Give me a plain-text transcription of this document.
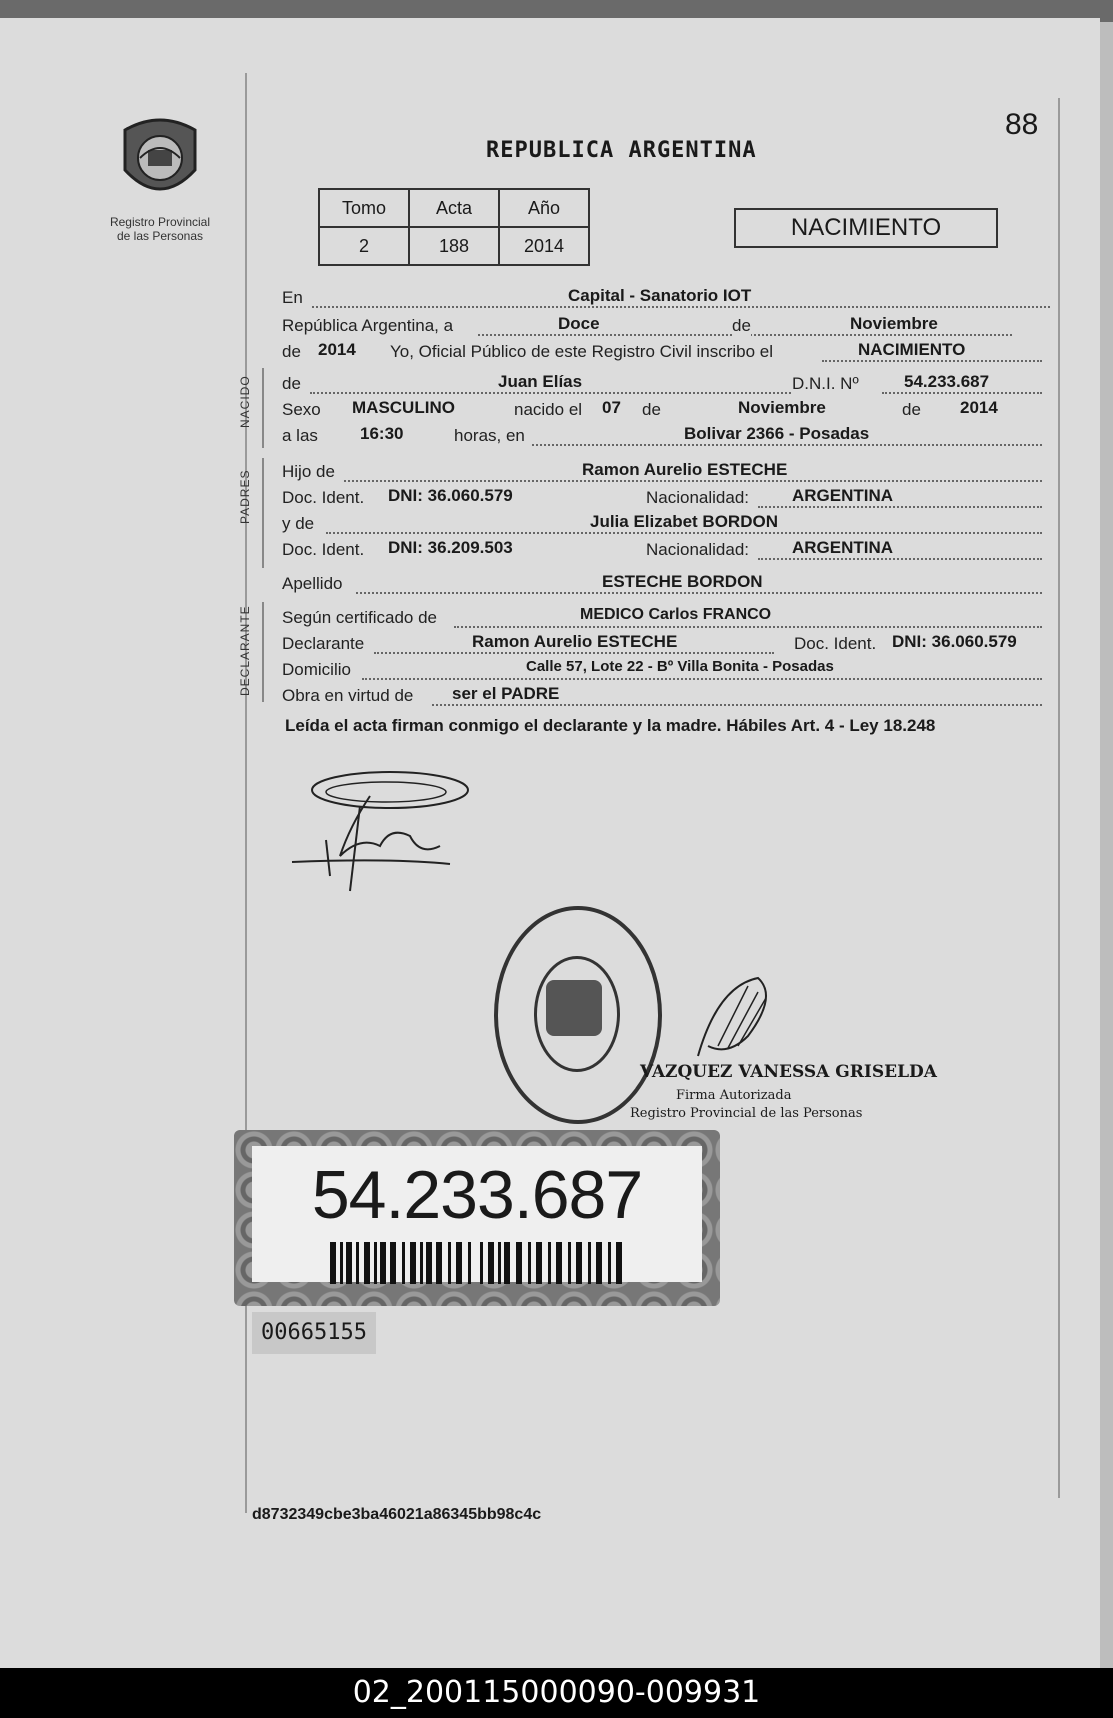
88
REPUBLICA ARGENTINA
Registro Provincial
de las Personas
Tomo	Acta	Año
2	188	2014
NACIMIENTO
NACIDO
PADRES
DECLARANTE
En	Capital - Sanatorio IOT
República Argentina, a	Doce	de	Noviembre
de 2014 Yo, Oficial Público de este Registro Civil inscribo el	NACIMIENTO
de	Juan Elías	D.N.I. Nº	54.233.687
Sexo MASCULINO	nacido el 07 de	Noviembre	de 2014
a las 16:30	horas, en	Bolivar 2366 - Posadas
Hijo de	Ramon Aurelio ESTECHE
Doc. Ident. DNI: 36.060.579	Nacionalidad:	ARGENTINA
y de	Julia Elizabet BORDON
Doc. Ident. DNI: 36.209.503	Nacionalidad:	ARGENTINA
Apellido	ESTECHE BORDON
Según certificado de	MEDICO Carlos FRANCO
Declarante	Ramon Aurelio ESTECHE	Doc. Ident. DNI: 36.060.579
Domicilio	Calle 57, Lote 22 - Bº Villa Bonita - Posadas
Obra en virtud de ser el PADRE
Leída el acta firman conmigo el declarante y la madre. Hábiles Art. 4 - Ley 18.248
VAZQUEZ VANESSA GRISELDA
Firma Autorizada
Registro Provincial de las Personas
54.233.687
00665155
d8732349cbe3ba46021a86345bb98c4c
02_200115000090-009931
